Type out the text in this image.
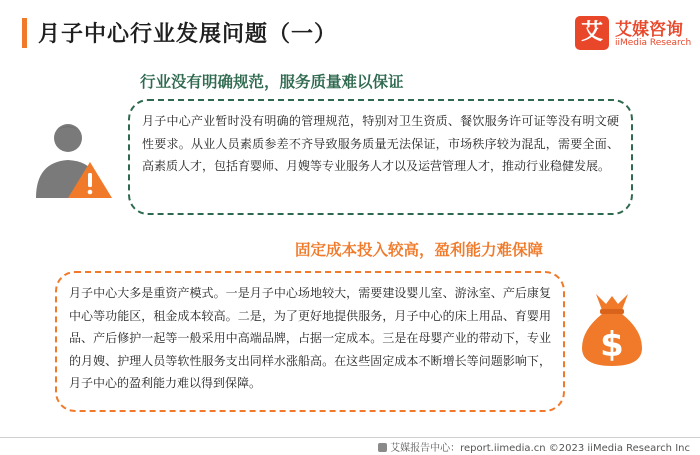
月子中心行业发展问题（一）	艾 艾媒咨询
iiMedia Research
行业没有明确规范，服务质量难以保证
月子中心产业暂时没有明确的管理规范，特别对卫生资质、餐饮服务许可证等没有明文硬性要求。从业人员素质参差不齐导致服务质量无法保证，市场秩序较为混乱，需要全面、高素质人才，包括育婴师、月嫂等专业服务人才以及运营管理人才，推动行业稳健发展。
固定成本投入较高，盈利能力难保障
月子中心大多是重资产模式。一是月子中心场地较大，需要建设婴儿室、游泳室、产后康复中心等功能区，租金成本较高。二是，为了更好地提供服务，月子中心的床上用品、育婴用品、产后修护一起等一般采用中高端品牌，占据一定成本。三是在母婴产业的带动下，专业的月嫂、护理人员等软性服务支出同样水涨船高。在这些固定成本不断增长等问题影响下，月子中心的盈利能力难以得到保障。
$
艾媒报告中心：report.iimedia.cn ©2023 iiMedia Research Inc
